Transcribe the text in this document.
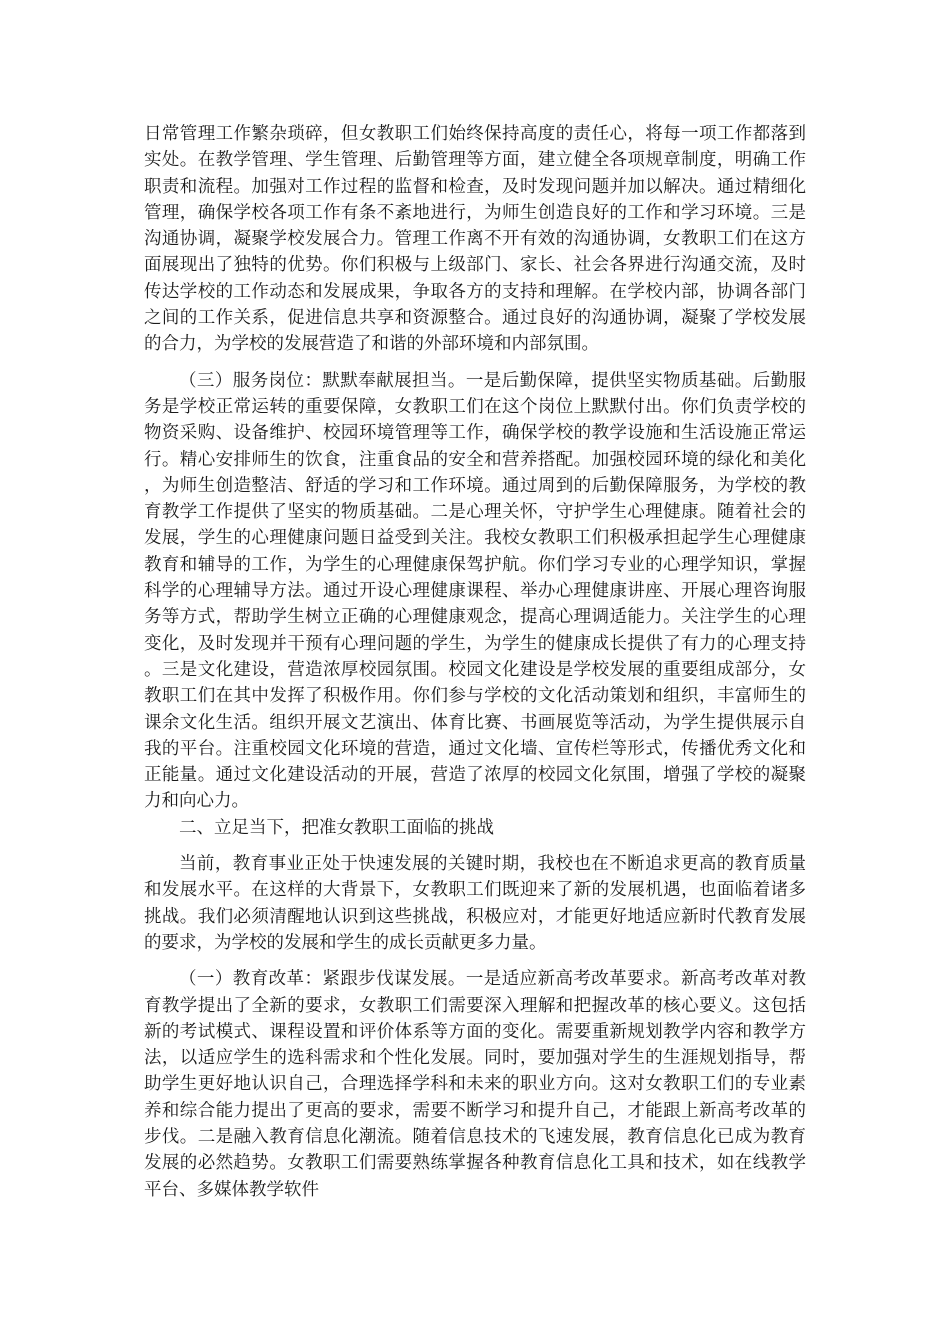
日常管理工作繁杂琐碎，但女教职工们始终保持高度的责任心，将每一项工作都落到实处。在教学管理、学生管理、后勤管理等方面，建立健全各项规章制度，明确工作职责和流程。加强对工作过程的监督和检查，及时发现问题并加以解决。通过精细化管理，确保学校各项工作有条不紊地进行，为师生创造良好的工作和学习环境。三是沟通协调，凝聚学校发展合力。管理工作离不开有效的沟通协调，女教职工们在这方面展现出了独特的优势。你们积极与上级部门、家长、社会各界进行沟通交流，及时传达学校的工作动态和发展成果，争取各方的支持和理解。在学校内部，协调各部门之间的工作关系，促进信息共享和资源整合。通过良好的沟通协调，凝聚了学校发展的合力，为学校的发展营造了和谐的外部环境和内部氛围。

（三）服务岗位：默默奉献展担当。一是后勤保障，提供坚实物质基础。后勤服务是学校正常运转的重要保障，女教职工们在这个岗位上默默付出。你们负责学校的物资采购、设备维护、校园环境管理等工作，确保学校的教学设施和生活设施正常运行。精心安排师生的饮食，注重食品的安全和营养搭配。加强校园环境的绿化和美化，为师生创造整洁、舒适的学习和工作环境。通过周到的后勤保障服务，为学校的教育教学工作提供了坚实的物质基础。二是心理关怀，守护学生心理健康。随着社会的发展，学生的心理健康问题日益受到关注。我校女教职工们积极承担起学生心理健康教育和辅导的工作，为学生的心理健康保驾护航。你们学习专业的心理学知识，掌握科学的心理辅导方法。通过开设心理健康课程、举办心理健康讲座、开展心理咨询服务等方式，帮助学生树立正确的心理健康观念，提高心理调适能力。关注学生的心理变化，及时发现并干预有心理问题的学生，为学生的健康成长提供了有力的心理支持。三是文化建设，营造浓厚校园氛围。校园文化建设是学校发展的重要组成部分，女教职工们在其中发挥了积极作用。你们参与学校的文化活动策划和组织，丰富师生的课余文化生活。组织开展文艺演出、体育比赛、书画展览等活动，为学生提供展示自我的平台。注重校园文化环境的营造，通过文化墙、宣传栏等形式，传播优秀文化和正能量。通过文化建设活动的开展，营造了浓厚的校园文化氛围，增强了学校的凝聚力和向心力。

二、立足当下，把准女教职工面临的挑战

当前，教育事业正处于快速发展的关键时期，我校也在不断追求更高的教育质量和发展水平。在这样的大背景下，女教职工们既迎来了新的发展机遇，也面临着诸多挑战。我们必须清醒地认识到这些挑战，积极应对，才能更好地适应新时代教育发展的要求，为学校的发展和学生的成长贡献更多力量。

（一）教育改革：紧跟步伐谋发展。一是适应新高考改革要求。新高考改革对教育教学提出了全新的要求，女教职工们需要深入理解和把握改革的核心要义。这包括新的考试模式、课程设置和评价体系等方面的变化。需要重新规划教学内容和教学方法，以适应学生的选科需求和个性化发展。同时，要加强对学生的生涯规划指导，帮助学生更好地认识自己，合理选择学科和未来的职业方向。这对女教职工们的专业素养和综合能力提出了更高的要求，需要不断学习和提升自己，才能跟上新高考改革的步伐。二是融入教育信息化潮流。随着信息技术的飞速发展，教育信息化已成为教育发展的必然趋势。女教职工们需要熟练掌握各种教育信息化工具和技术，如在线教学平台、多媒体教学软件
